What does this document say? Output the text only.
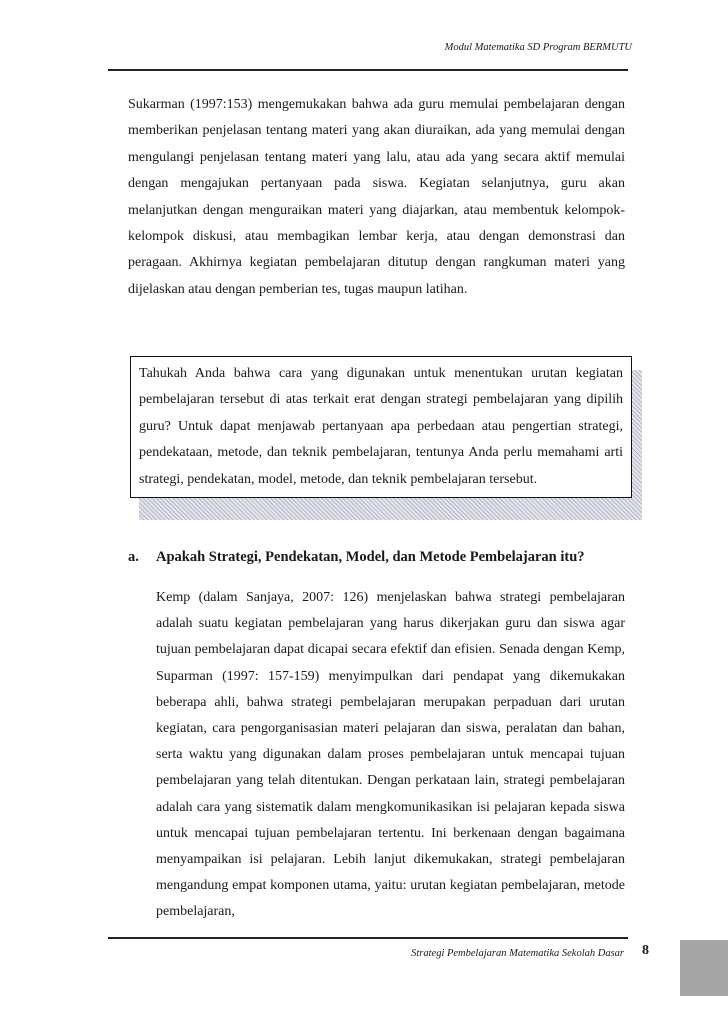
Modul Matematika SD Program BERMUTU
Sukarman (1997:153) mengemukakan bahwa ada guru memulai pembelajaran dengan memberikan penjelasan tentang materi yang akan diuraikan, ada yang memulai dengan mengulangi penjelasan tentang materi yang lalu, atau ada yang secara aktif memulai dengan mengajukan pertanyaan pada siswa. Kegiatan selanjutnya, guru akan melanjutkan dengan menguraikan materi yang diajarkan, atau membentuk kelompok-kelompok diskusi, atau membagikan lembar kerja, atau dengan demonstrasi dan peragaan. Akhirnya kegiatan pembelajaran ditutup dengan rangkuman materi yang dijelaskan atau dengan pemberian tes, tugas maupun latihan.
Tahukah Anda bahwa cara yang digunakan untuk menentukan urutan kegiatan pembelajaran tersebut di atas terkait erat dengan strategi pembelajaran yang dipilih guru? Untuk dapat menjawab pertanyaan apa perbedaan atau pengertian strategi, pendekataan, metode, dan teknik pembelajaran, tentunya Anda perlu memahami arti strategi, pendekatan, model, metode, dan teknik pembelajaran tersebut.
a. Apakah Strategi, Pendekatan, Model, dan Metode Pembelajaran itu?
Kemp (dalam Sanjaya, 2007: 126) menjelaskan bahwa strategi pembelajaran adalah suatu kegiatan pembelajaran yang harus dikerjakan guru dan siswa agar tujuan pembelajaran dapat dicapai secara efektif dan efisien. Senada dengan Kemp, Suparman (1997: 157-159) menyimpulkan dari pendapat yang dikemukakan beberapa ahli, bahwa strategi pembelajaran merupakan perpaduan dari urutan kegiatan, cara pengorganisasian materi pelajaran dan siswa, peralatan dan bahan, serta waktu yang digunakan dalam proses pembelajaran untuk mencapai tujuan pembelajaran yang telah ditentukan. Dengan perkataan lain, strategi pembelajaran adalah cara yang sistematik dalam mengkomunikasikan isi pelajaran kepada siswa untuk mencapai tujuan pembelajaran tertentu. Ini berkenaan dengan bagaimana menyampaikan isi pelajaran. Lebih lanjut dikemukakan, strategi pembelajaran mengandung empat komponen utama, yaitu: urutan kegiatan pembelajaran, metode pembelajaran,
Strategi Pembelajaran Matematika Sekolah Dasar 8
